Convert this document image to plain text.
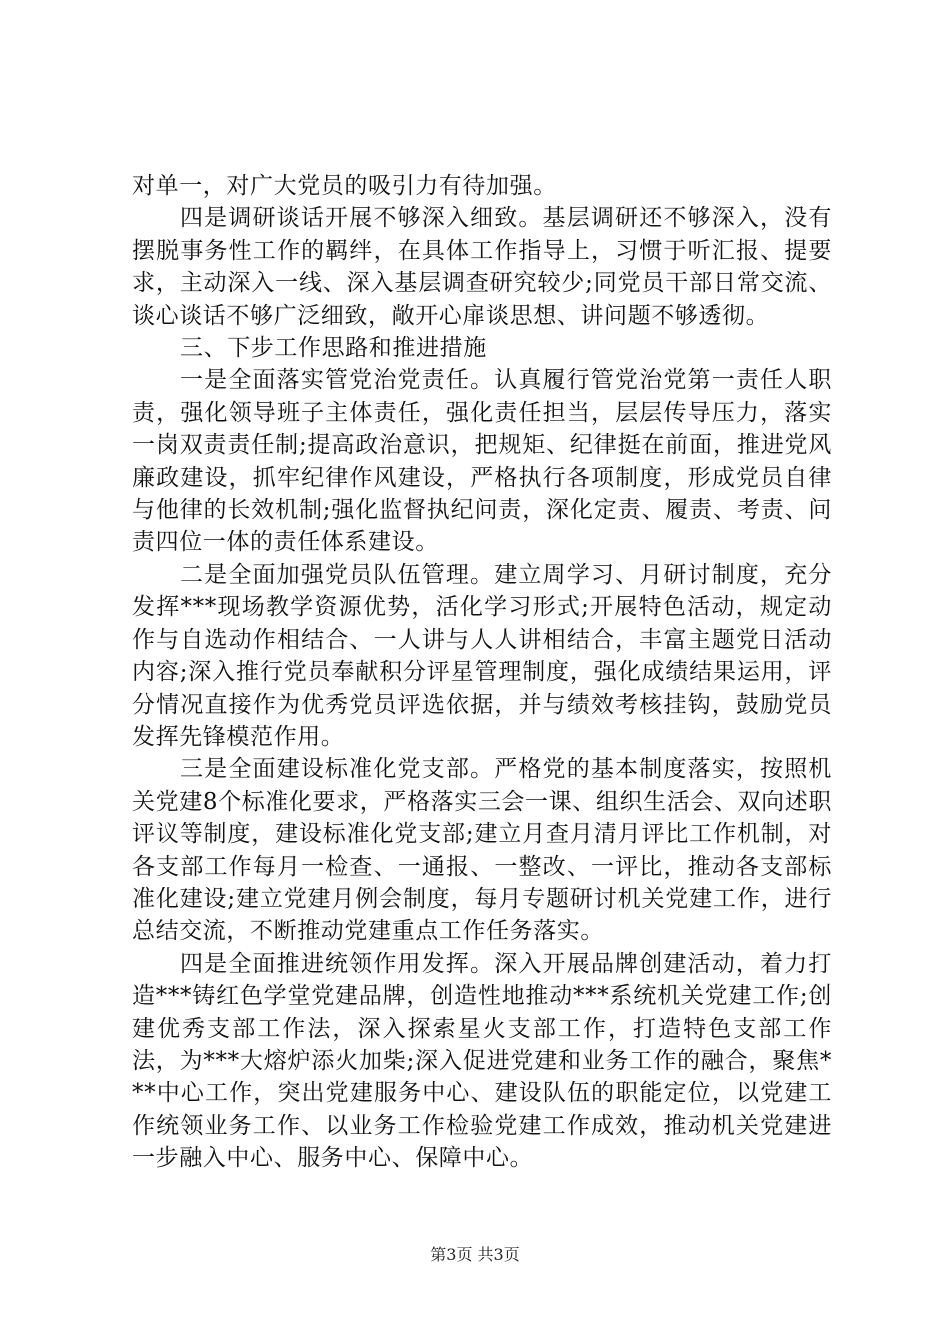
对单一，对广大党员的吸引力有待加强。

四是调研谈话开展不够深入细致。基层调研还不够深入，没有摆脱事务性工作的羁绊，在具体工作指导上，习惯于听汇报、提要求，主动深入一线、深入基层调查研究较少;同党员干部日常交流、谈心谈话不够广泛细致，敞开心扉谈思想、讲问题不够透彻。

三、下步工作思路和推进措施

一是全面落实管党治党责任。认真履行管党治党第一责任人职责，强化领导班子主体责任，强化责任担当，层层传导压力，落实一岗双责责任制;提高政治意识，把规矩、纪律挺在前面，推进党风廉政建设，抓牢纪律作风建设，严格执行各项制度，形成党员自律与他律的长效机制;强化监督执纪问责，深化定责、履责、考责、问责四位一体的责任体系建设。

二是全面加强党员队伍管理。建立周学习、月研讨制度，充分发挥***现场教学资源优势，活化学习形式;开展特色活动，规定动作与自选动作相结合、一人讲与人人讲相结合，丰富主题党日活动内容;深入推行党员奉献积分评星管理制度，强化成绩结果运用，评分情况直接作为优秀党员评选依据，并与绩效考核挂钩，鼓励党员发挥先锋模范作用。

三是全面建设标准化党支部。严格党的基本制度落实，按照机关党建8个标准化要求，严格落实三会一课、组织生活会、双向述职评议等制度，建设标准化党支部;建立月查月清月评比工作机制，对各支部工作每月一检查、一通报、一整改、一评比，推动各支部标准化建设;建立党建月例会制度，每月专题研讨机关党建工作，进行总结交流，不断推动党建重点工作任务落实。

四是全面推进统领作用发挥。深入开展品牌创建活动，着力打造***铸红色学堂党建品牌，创造性地推动***系统机关党建工作;创建优秀支部工作法，深入探索星火支部工作，打造特色支部工作法，为***大熔炉添火加柴;深入促进党建和业务工作的融合，聚焦***中心工作，突出党建服务中心、建设队伍的职能定位，以党建工作统领业务工作、以业务工作检验党建工作成效，推动机关党建进一步融入中心、服务中心、保障中心。

第3页 共3页
